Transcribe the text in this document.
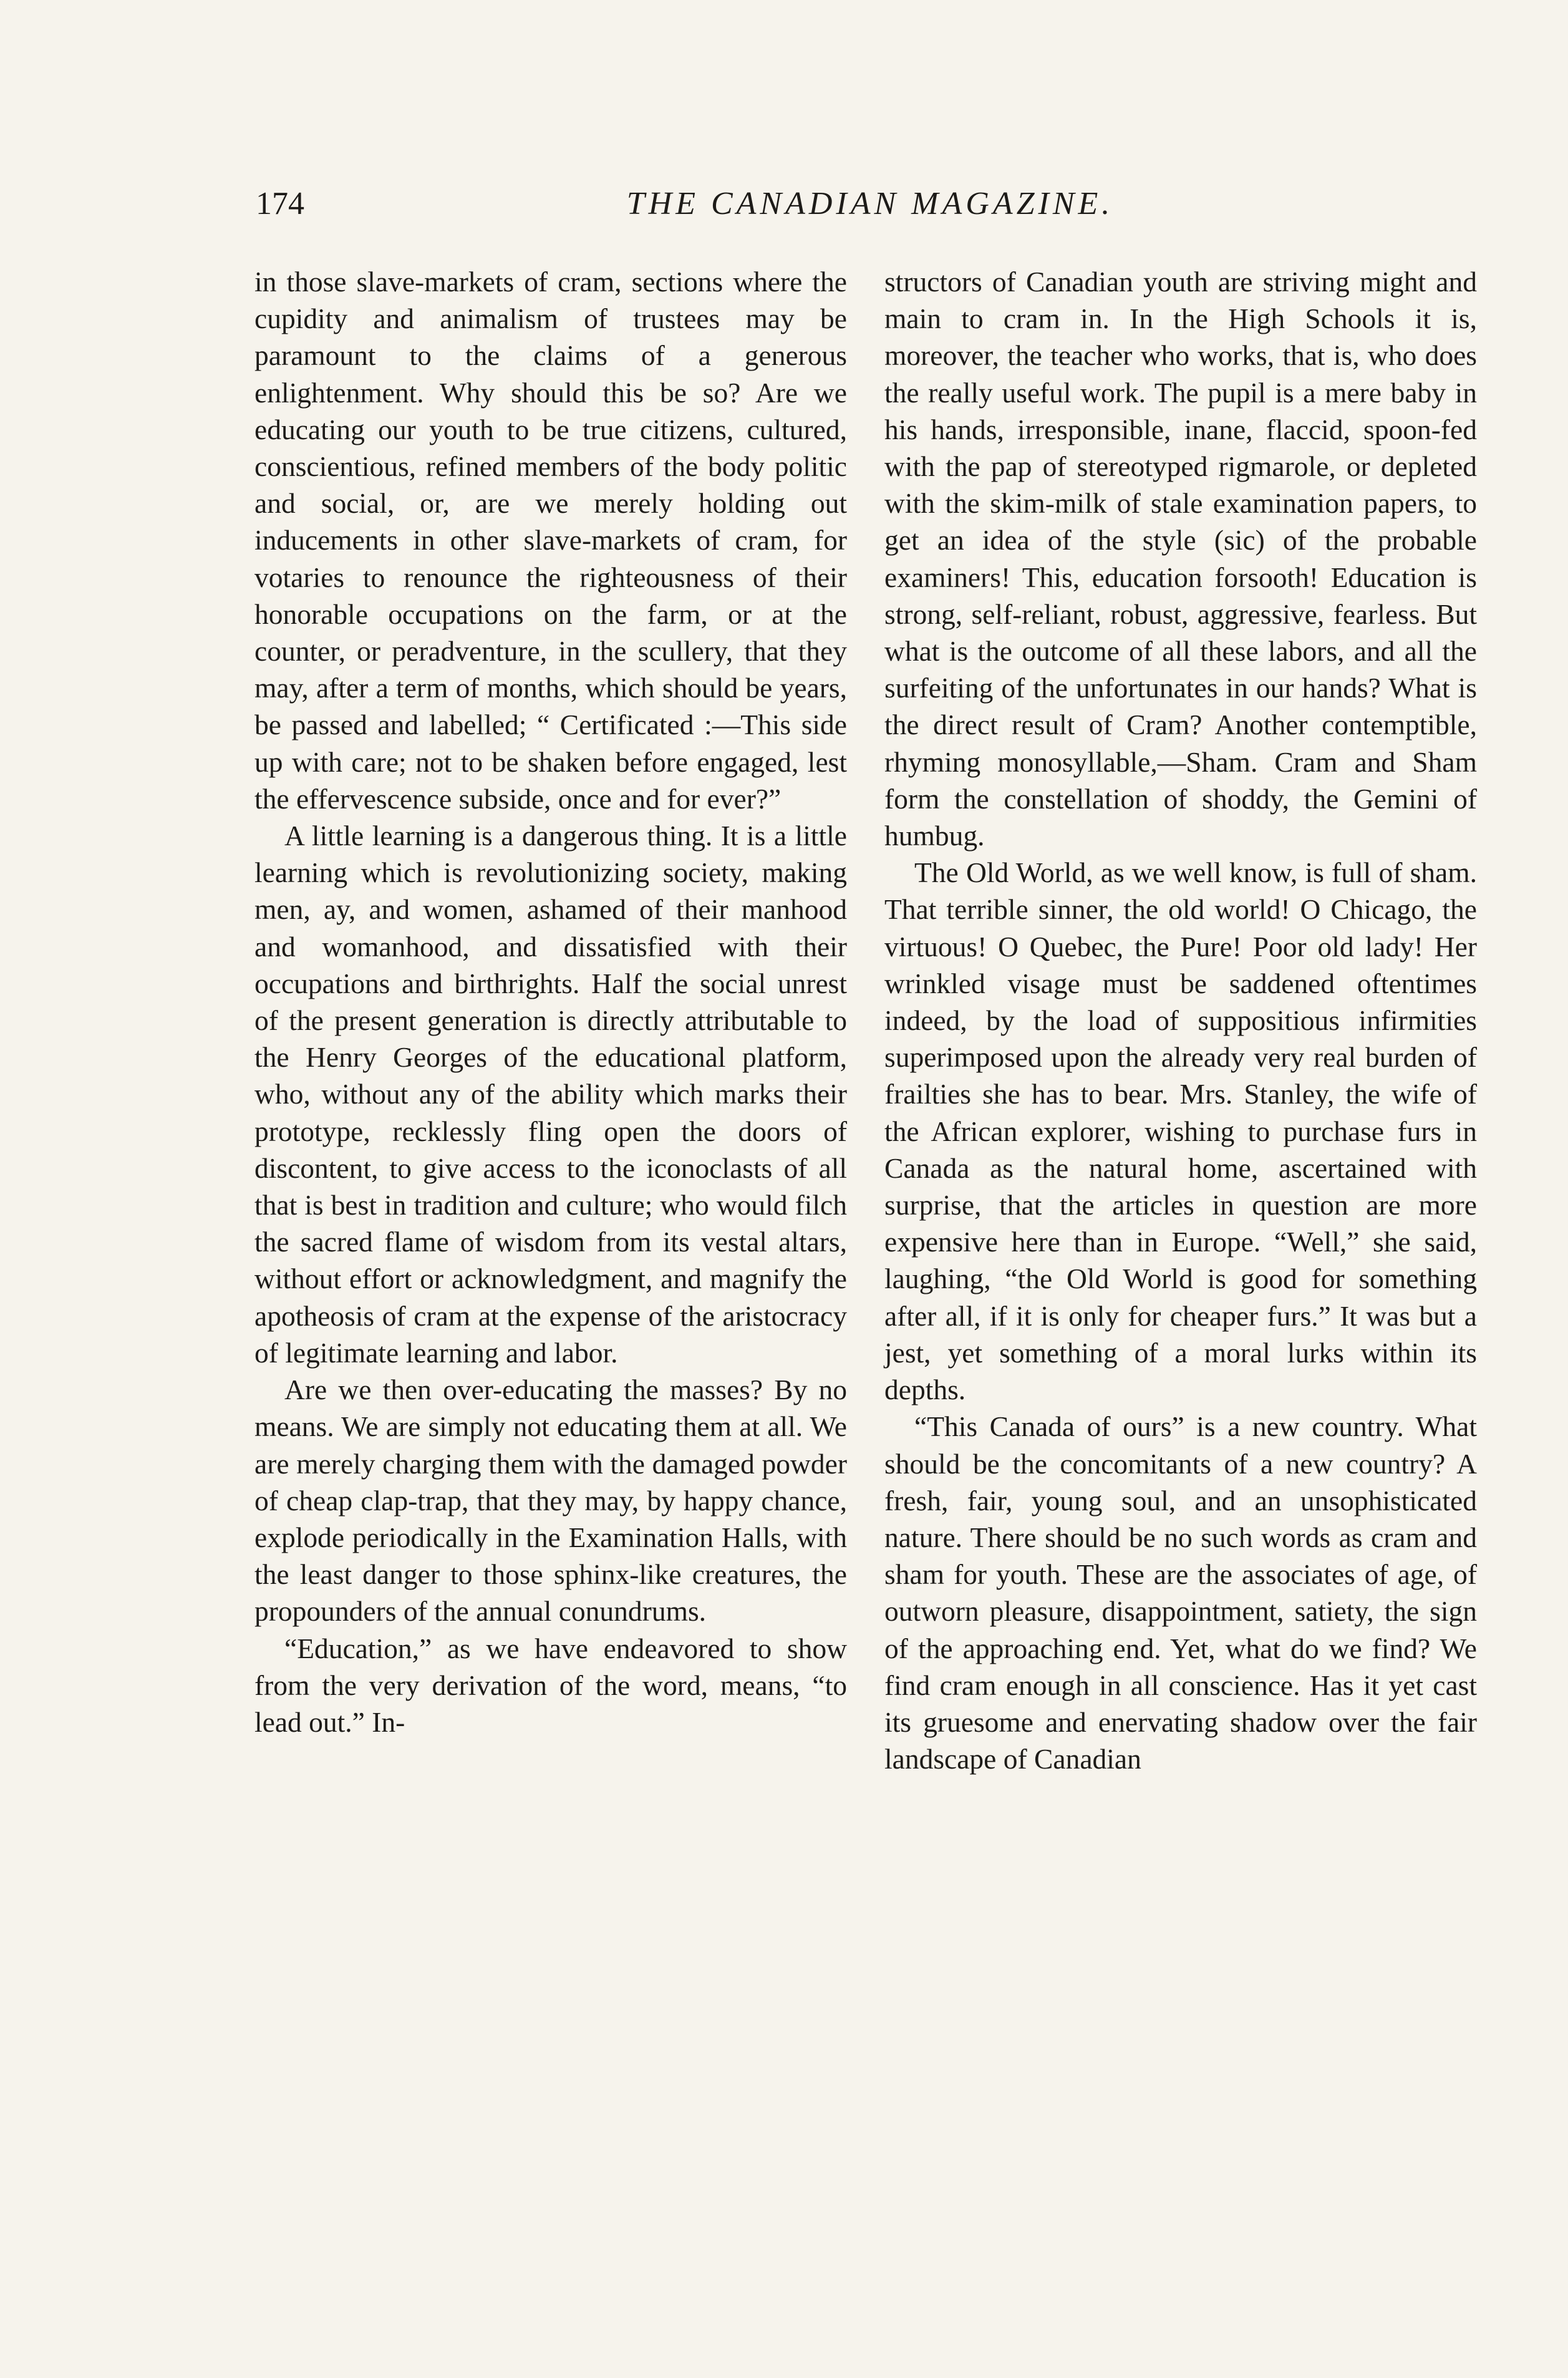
174	THE CANADIAN MAGAZINE.

in those slave-markets of cram, sections where the cupidity and animalism of trustees may be paramount to the claims of a generous enlightenment. Why should this be so? Are we educating our youth to be true citizens, cultured, conscientious, refined members of the body politic and social, or, are we merely holding out inducements in other slave-markets of cram, for votaries to renounce the righteousness of their honorable occupations on the farm, or at the counter, or peradventure, in the scullery, that they may, after a term of months, which should be years, be passed and labelled; “ Certificated :—This side up with care; not to be shaken before engaged, lest the effervescence subside, once and for ever?”

A little learning is a dangerous thing. It is a little learning which is revolutionizing society, making men, ay, and women, ashamed of their manhood and womanhood, and dissatisfied with their occupations and birthrights. Half the social unrest of the present generation is directly attributable to the Henry Georges of the educational platform, who, without any of the ability which marks their prototype, recklessly fling open the doors of discontent, to give access to the iconoclasts of all that is best in tradition and culture; who would filch the sacred flame of wisdom from its vestal altars, without effort or acknowledgment, and magnify the apotheosis of cram at the expense of the aristocracy of legitimate learning and labor.

Are we then over-educating the masses? By no means. We are simply not educating them at all. We are merely charging them with the damaged powder of cheap clap-trap, that they may, by happy chance, explode periodically in the Examination Halls, with the least danger to those sphinx-like creatures, the propounders of the annual conundrums.

“Education,” as we have endeavored to show from the very derivation of the word, means, “to lead out.” In-

structors of Canadian youth are striving might and main to cram in. In the High Schools it is, moreover, the teacher who works, that is, who does the really useful work. The pupil is a mere baby in his hands, irresponsible, inane, flaccid, spoon-fed with the pap of stereotyped rigmarole, or depleted with the skim-milk of stale examination papers, to get an idea of the style (sic) of the probable examiners! This, education forsooth! Education is strong, self-reliant, robust, aggressive, fearless. But what is the outcome of all these labors, and all the surfeiting of the unfortunates in our hands? What is the direct result of Cram? Another contemptible, rhyming monosyllable,—Sham. Cram and Sham form the constellation of shoddy, the Gemini of humbug.

The Old World, as we well know, is full of sham. That terrible sinner, the old world! O Chicago, the virtuous! O Quebec, the Pure! Poor old lady! Her wrinkled visage must be saddened oftentimes indeed, by the load of suppositious infirmities superimposed upon the already very real burden of frailties she has to bear. Mrs. Stanley, the wife of the African explorer, wishing to purchase furs in Canada as the natural home, ascertained with surprise, that the articles in question are more expensive here than in Europe. “Well,” she said, laughing, “the Old World is good for something after all, if it is only for cheaper furs.” It was but a jest, yet something of a moral lurks within its depths.

“This Canada of ours” is a new country. What should be the concomitants of a new country? A fresh, fair, young soul, and an unsophisticated nature. There should be no such words as cram and sham for youth. These are the associates of age, of outworn pleasure, disappointment, satiety, the sign of the approaching end. Yet, what do we find? We find cram enough in all conscience. Has it yet cast its gruesome and enervating shadow over the fair landscape of Canadian
